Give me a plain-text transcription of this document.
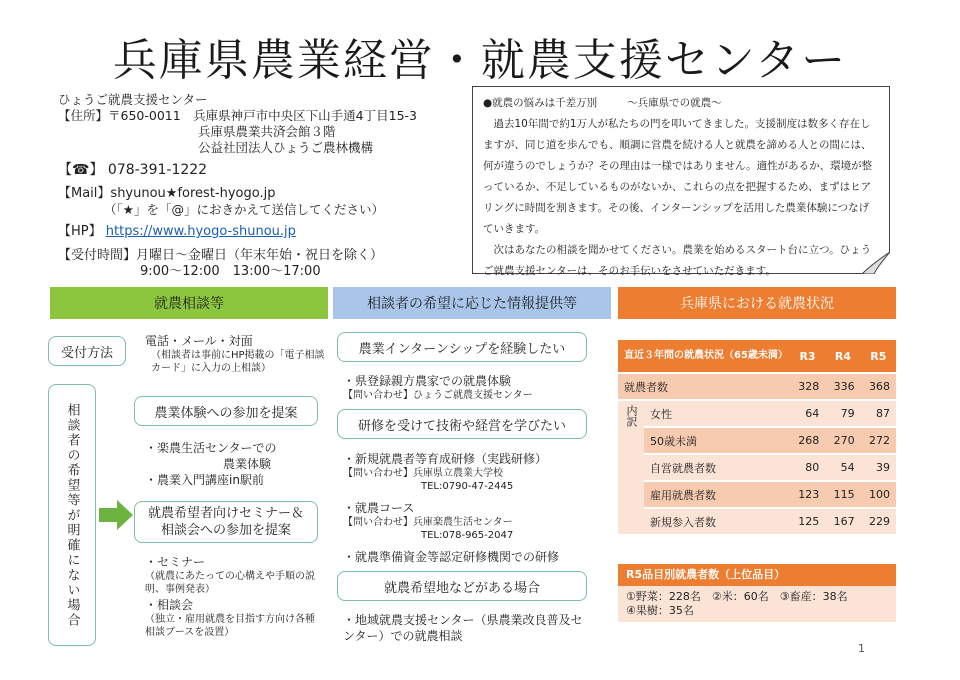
兵庫県農業経営・就農支援センター
ひょうご就農支援センター
【住所】〒650-0011　兵庫県神戸市中央区下山手通4丁目15-3
兵庫県農業共済会館３階
公益社団法人ひょうご農林機構
【☎】 078-391-1222
【Mail】shyunou★forest-hyogo.jp
（「★」を「@」におきかえて送信してください）
【HP】 https://www.hyogo-shunou.jp
【受付時間】月曜日～金曜日（年末年始・祝日を除く）
9:00～12:00　13:00～17:00
●就農の悩みは千差万別	～兵庫県での就農～
　過去10年間で約1万人が私たちの門を叩いてきました。支援制度は数多く存在しますが、同じ道を歩んでも、順調に営農を続ける人と就農を諦める人との間には、何が違うのでしょうか？その理由は一様ではありません。適性があるか、環境が整っているか、不足しているものがないか、これらの点を把握するため、まずはヒアリングに時間を割きます。その後、インターンシップを活用した農業体験につなげていきます。
　次はあなたの相談を聞かせてください。農業を始めるスタート台に立つ。ひょうご就農支援センターは、そのお手伝いをさせていただきます。
就農相談等	相談者の希望に応じた情報提供等	兵庫県における就農状況
受付方法
電話・メール・対面
（相談者は事前にHP掲載の「電子相談カード」に入力の上相談）
相談者の希望等が明確にない場合	農業体験への参加を提案
・楽農生活センターでの
農業体験
・農業入門講座in駅前
就農希望者向けセミナー＆相談会への参加を提案
・セミナー
（就農にあたっての心構えや手順の説明、事例発表）
・相談会
（独立・雇用就農を目指す方向け各種相談ブースを設置）
農業インターンシップを経験したい
・県登録親方農家での就農体験
【問い合わせ】ひょうご就農支援センター
研修を受けて技術や経営を学びたい
・新規就農者等育成研修（実践研修）
【問い合わせ】兵庫県立農業大学校
TEL:0790-47-2445
・就農コース
【問い合わせ】兵庫楽農生活センター
TEL:078-965-2047
・就農準備資金等認定研修機関での研修
就農希望地などがある場合
・地域就農支援センター（県農業改良普及センター）での就農相談
直近３年間の就農状況（65歳未満）		R3	R4	R5
就農者数		328	336	368
内訳	女性	64	79	87
	50歳未満	268	270	272
	自営就農者数	80	54	39
	雇用就農者数	123	115	100
	新規参入者数	125	167	229
R5品目別就農者数（上位品目）
①野菜：228名　②米：60名　③畜産：38名
④果樹：35名
1
